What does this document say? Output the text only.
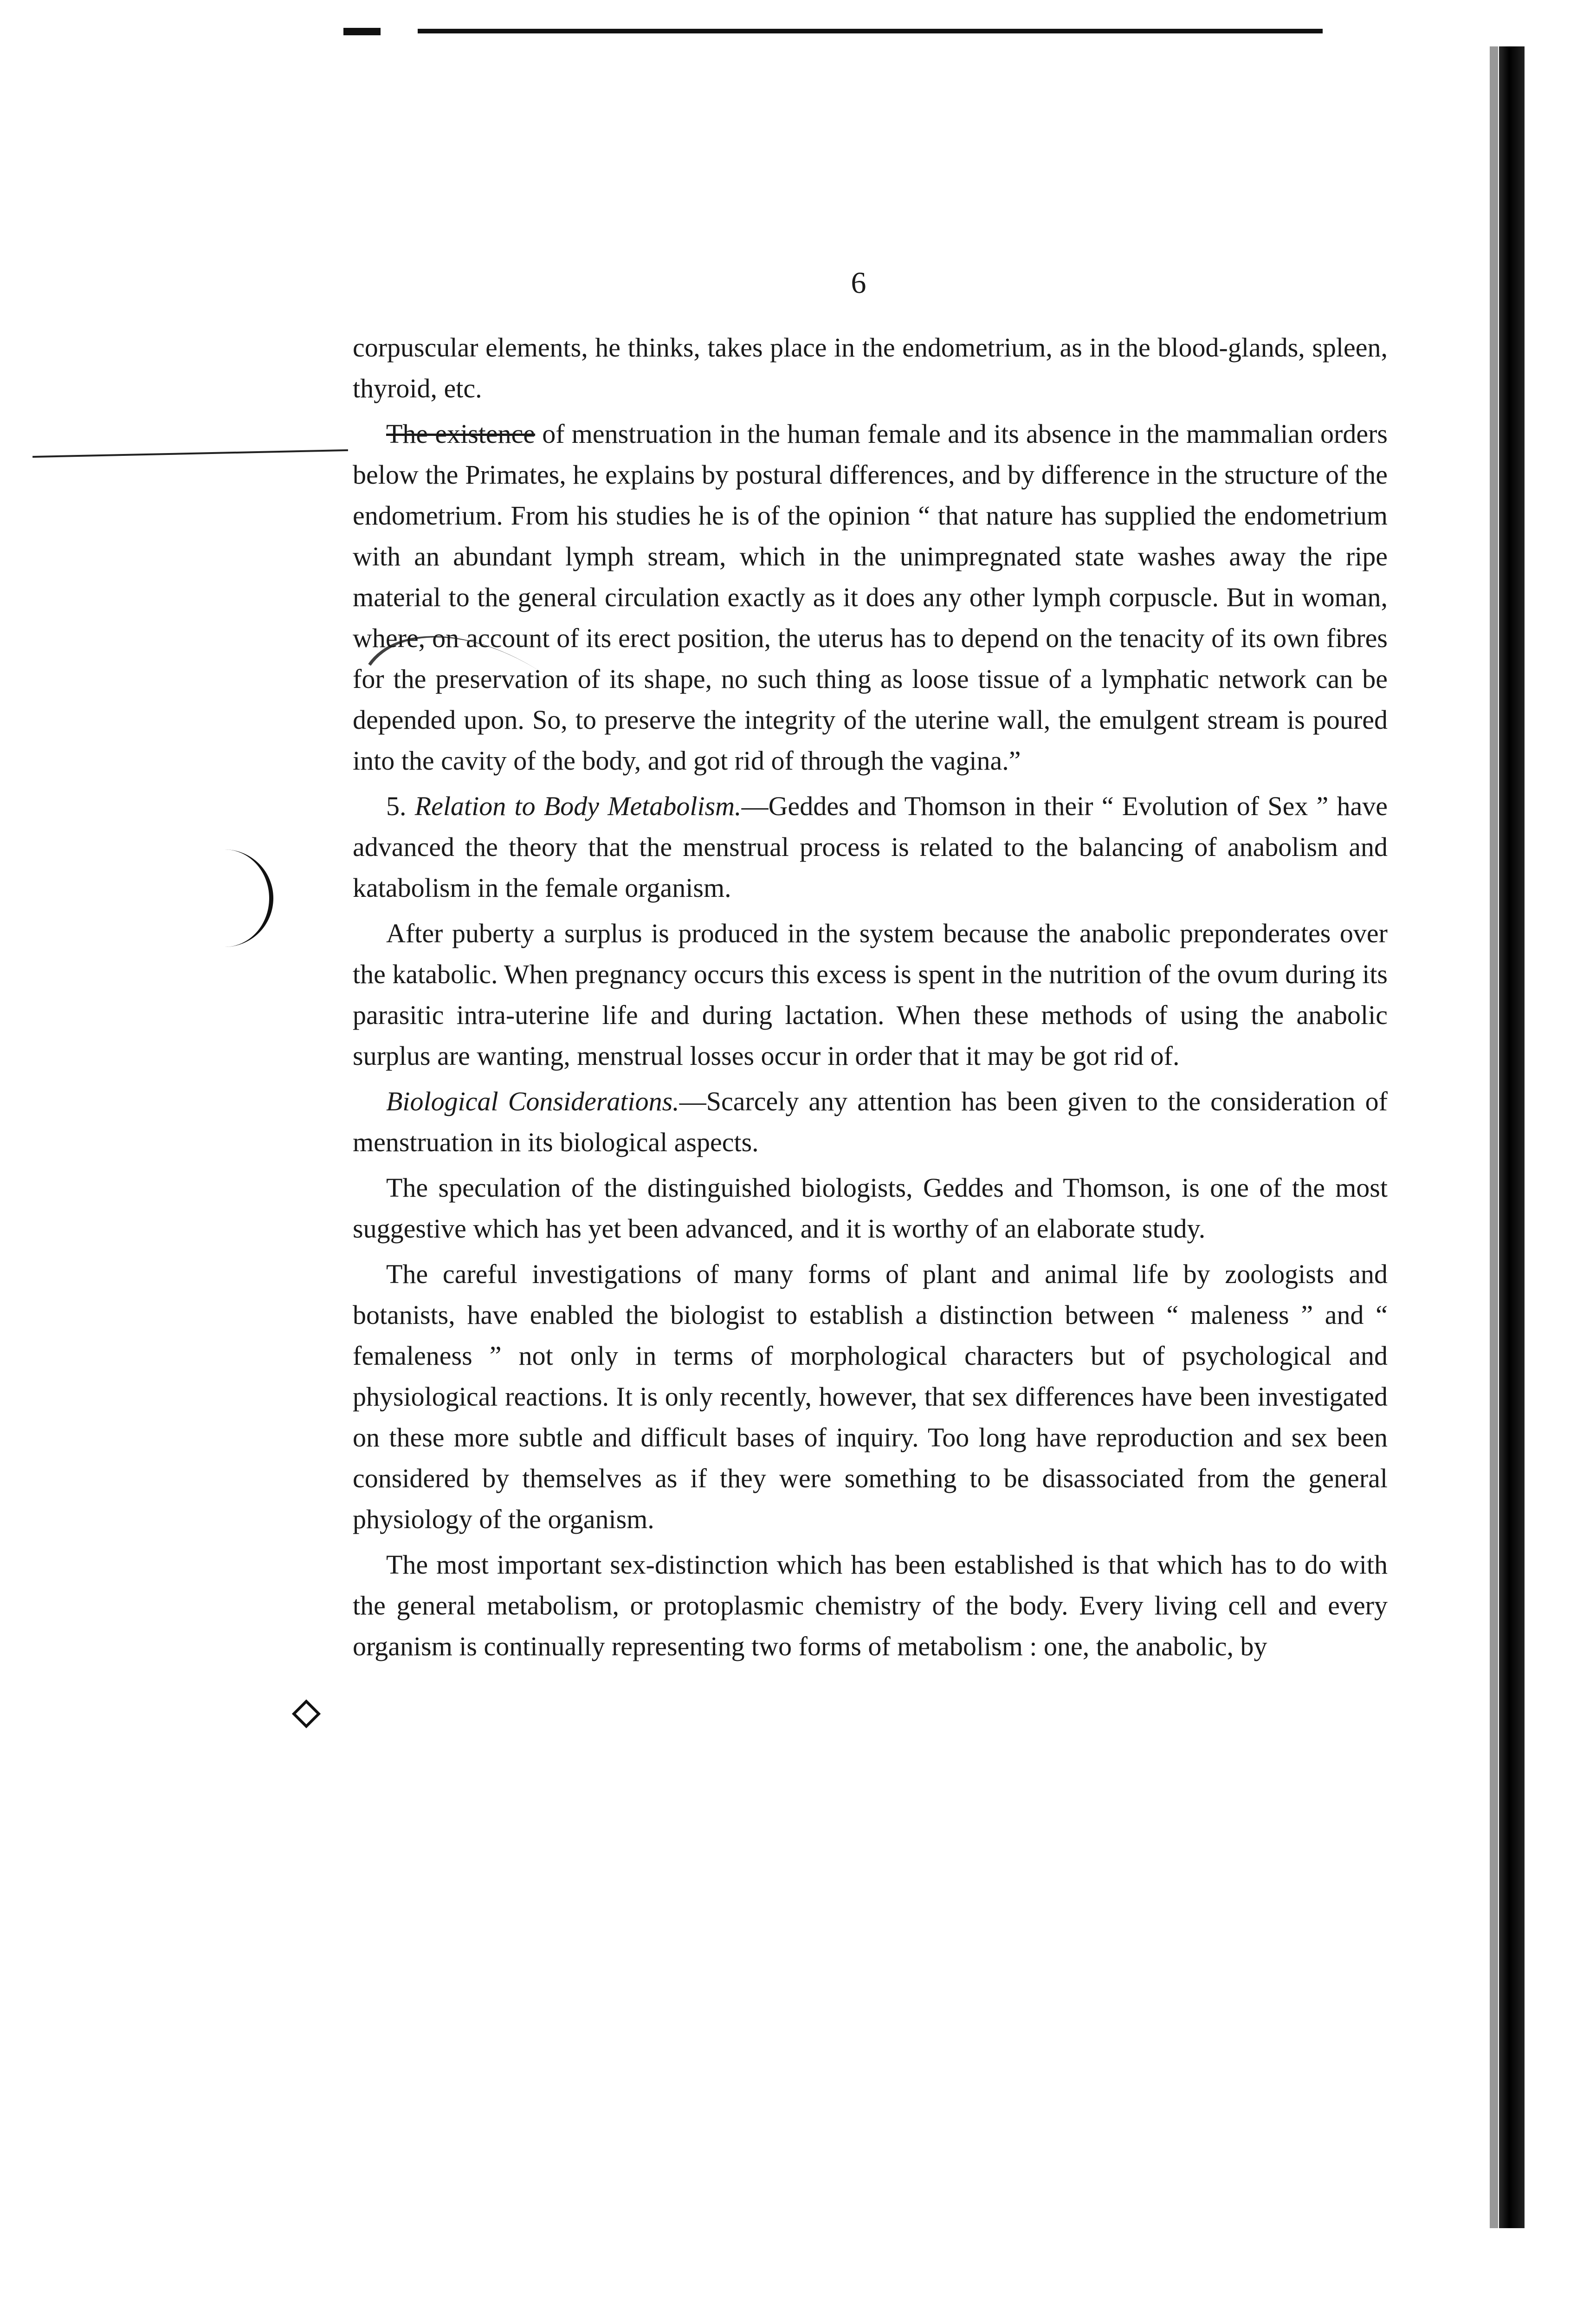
6

corpuscular elements, he thinks, takes place in the endometrium, as in the blood-glands, spleen, thyroid, etc.

The existence of menstruation in the human female and its absence in the mammalian orders below the Primates, he explains by postural differences, and by difference in the structure of the endometrium. From his studies he is of the opinion “ that nature has supplied the endometrium with an abundant lymph stream, which in the unimpregnated state washes away the ripe material to the general circulation exactly as it does any other lymph corpuscle. But in woman, where, on account of its erect position, the uterus has to depend on the tenacity of its own fibres for the preservation of its shape, no such thing as loose tissue of a lymphatic network can be depended upon. So, to preserve the integrity of the uterine wall, the emulgent stream is poured into the cavity of the body, and got rid of through the vagina.”

5. Relation to Body Metabolism.—Geddes and Thomson in their “ Evolution of Sex ” have advanced the theory that the menstrual process is related to the balancing of anabolism and katabolism in the female organism.

After puberty a surplus is produced in the system because the anabolic preponderates over the katabolic. When pregnancy occurs this excess is spent in the nutrition of the ovum during its parasitic intra-uterine life and during lactation. When these methods of using the anabolic surplus are wanting, menstrual losses occur in order that it may be got rid of.

Biological Considerations.—Scarcely any attention has been given to the consideration of menstruation in its biological aspects.

The speculation of the distinguished biologists, Geddes and Thomson, is one of the most suggestive which has yet been advanced, and it is worthy of an elaborate study.

The careful investigations of many forms of plant and animal life by zoologists and botanists, have enabled the biologist to establish a distinction between “ maleness ” and “ femaleness ” not only in terms of morphological characters but of psychological and physiological reactions. It is only recently, however, that sex differences have been investigated on these more subtle and difficult bases of inquiry. Too long have reproduction and sex been considered by themselves as if they were something to be disassociated from the general physiology of the organism.

The most important sex-distinction which has been established is that which has to do with the general metabolism, or protoplasmic chemistry of the body. Every living cell and every organism is continually representing two forms of metabolism : one, the anabolic, by
